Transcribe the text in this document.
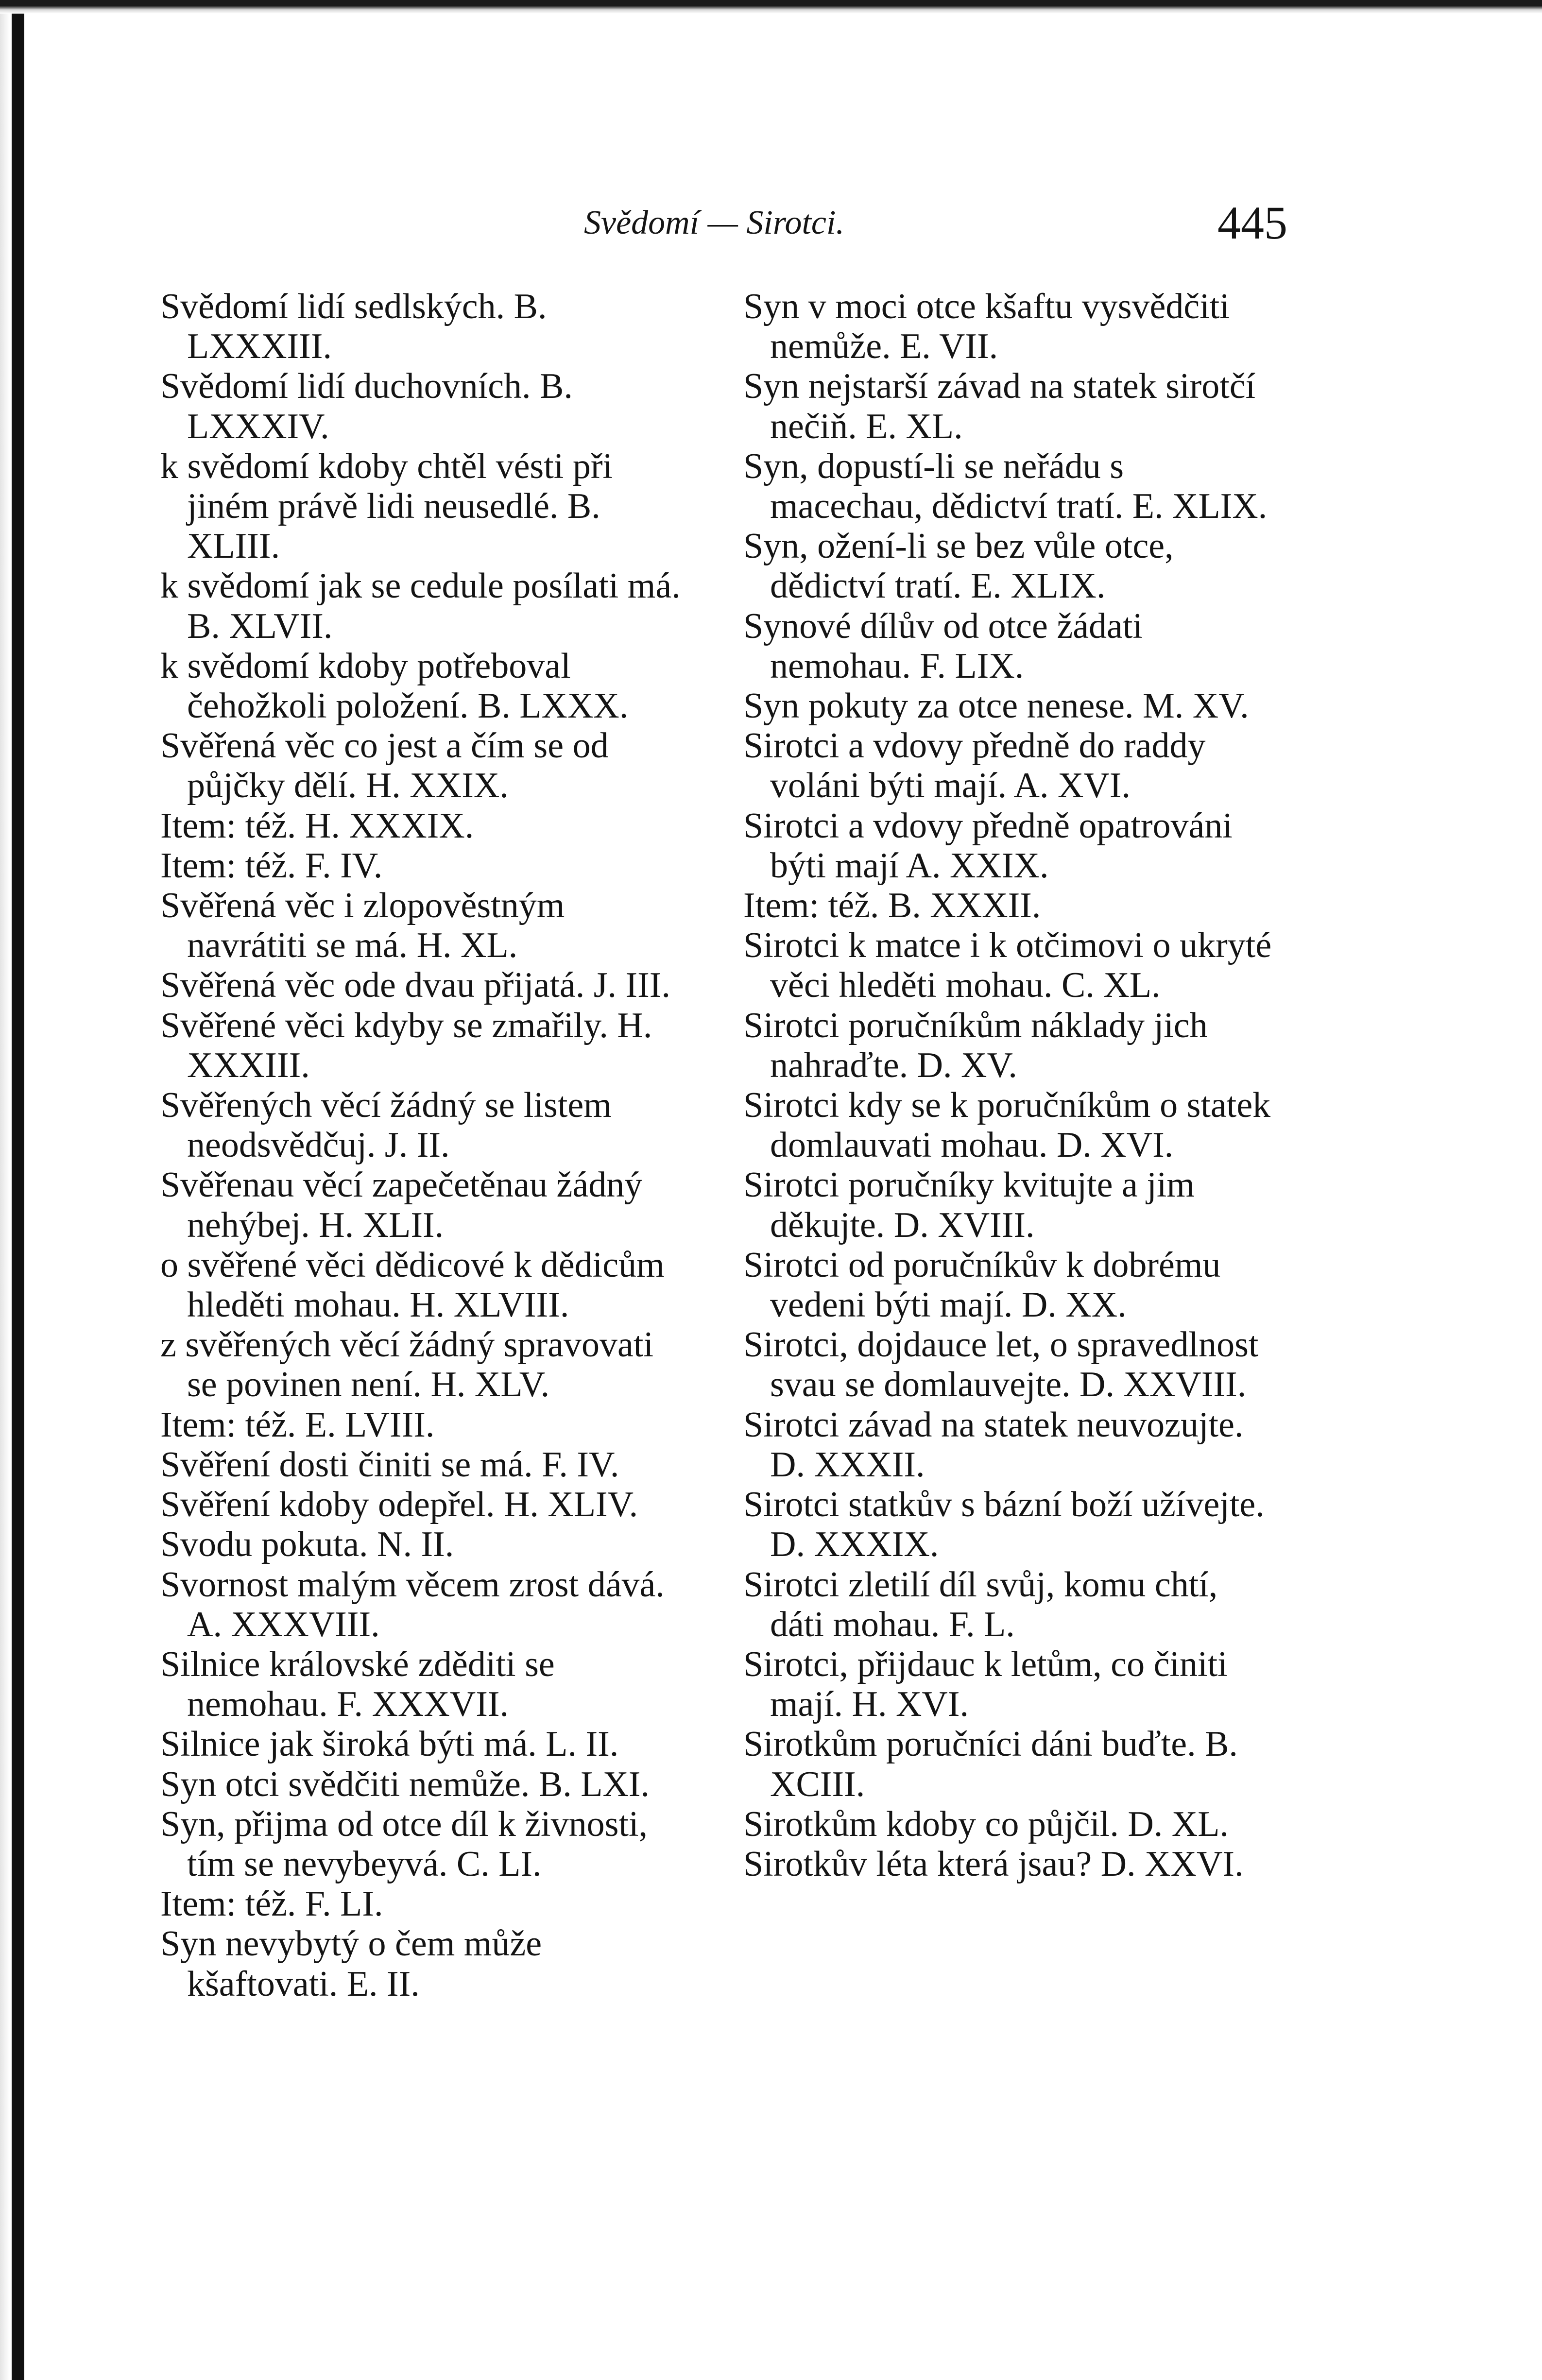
Svědomí — Sirotci.	445

Svědomí lidí sedlských. B. LXXXIII.

Svědomí lidí duchovních. B. LXXXIV.

k svědomí kdoby chtěl vésti při jiném právě lidi neusedlé. B. XLIII.

k svědomí jak se cedule posílati má. B. XLVII.

k svědomí kdoby potřeboval čehožkoli položení. B. LXXX.

Svěřená věc co jest a čím se od půjčky dělí. H. XXIX.

Item: též. H. XXXIX.

Item: též. F. IV.

Svěřená věc i zlopověstným navrátiti se má. H. XL.

Svěřená věc ode dvau přijatá. J. III.

Svěřené věci kdyby se zmařily. H. XXXIII.

Svěřených věcí žádný se listem neodsvědčuj. J. II.

Svěřenau věcí zapečetěnau žádný nehýbej. H. XLII.

o svěřené věci dědicové k dědicům hleděti mohau. H. XLVIII.

z svěřených věcí žádný spravovati se povinen není. H. XLV.

Item: též. E. LVIII.

Svěření dosti činiti se má. F. IV.

Svěření kdoby odepřel. H. XLIV.

Svodu pokuta. N. II.

Svornost malým věcem zrost dává. A. XXXVIII.

Silnice královské zděditi se nemohau. F. XXXVII.

Silnice jak široká býti má. L. II.

Syn otci svědčiti nemůže. B. LXI.

Syn, přijma od otce díl k živnosti, tím se nevybeyvá. C. LI.

Item: též. F. LI.

Syn nevybytý o čem může kšaftovati. E. II.

Syn v moci otce kšaftu vysvědčiti nemůže. E. VII.

Syn nejstarší závad na statek sirotčí nečiň. E. XL.

Syn, dopustí-li se neřádu s macechau, dědictví tratí. E. XLIX.

Syn, ožení-li se bez vůle otce, dědictví tratí. E. XLIX.

Synové dílův od otce žádati nemohau. F. LIX.

Syn pokuty za otce nenese. M. XV.

Sirotci a vdovy předně do raddy voláni býti mají. A. XVI.

Sirotci a vdovy předně opatrováni býti mají A. XXIX.

Item: též. B. XXXII.

Sirotci k matce i k otčimovi o ukryté věci hleděti mohau. C. XL.

Sirotci poručníkům náklady jich nahraďte. D. XV.

Sirotci kdy se k poručníkům o statek domlauvati mohau. D. XVI.

Sirotci poručníky kvitujte a jim děkujte. D. XVIII.

Sirotci od poručníkův k dobrému vedeni býti mají. D. XX.

Sirotci, dojdauce let, o spravedlnost svau se domlauvejte. D. XXVIII.

Sirotci závad na statek neuvozujte. D. XXXII.

Sirotci statkův s bázní boží užívejte. D. XXXIX.

Sirotci zletilí díl svůj, komu chtí, dáti mohau. F. L.

Sirotci, přijdauc k letům, co činiti mají. H. XVI.

Sirotkům poručníci dáni buďte. B. XCIII.

Sirotkům kdoby co půjčil. D. XL.

Sirotkův léta která jsau? D. XXVI.
